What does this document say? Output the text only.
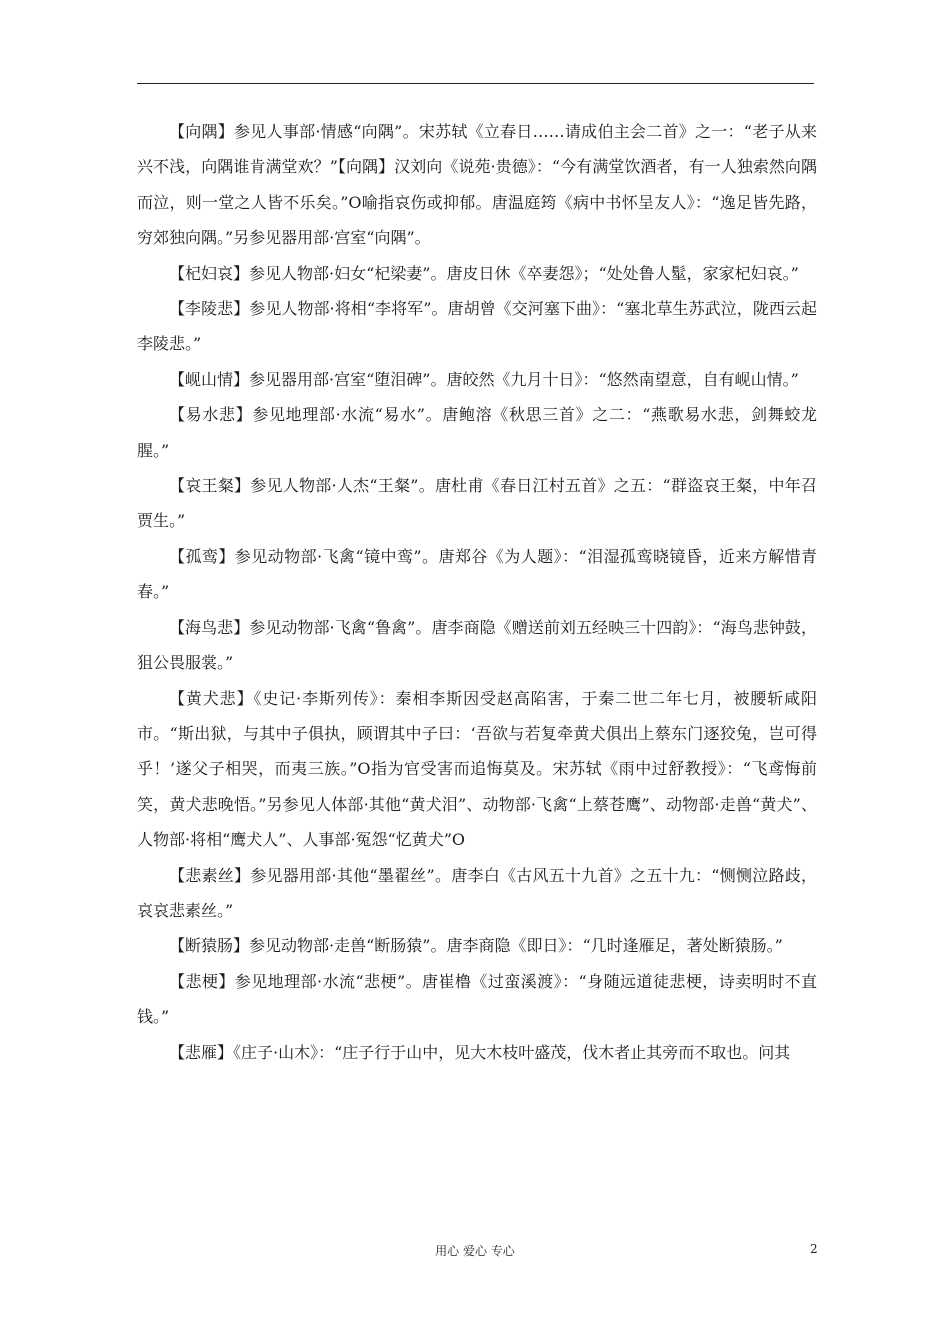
【向隅】参见人事部·情感“向隅”。宋苏轼《立春日……请成伯主会二首》之一：“老子从来兴不浅，向隅谁肯满堂欢？”【向隅】汉刘向《说苑·贵德》：“今有满堂饮酒者，有一人独索然向隅而泣，则一堂之人皆不乐矣。”O喻指哀伤或抑郁。唐温庭筠《病中书怀呈友人》：“逸足皆先路，穷郊独向隅。”另参见器用部·宫室“向隅”。

【杞妇哀】参见人物部·妇女“杞梁妻”。唐皮日休《卒妻怨》；“处处鲁人髽，家家杞妇哀。”

【李陵悲】参见人物部·将相“李将军”。唐胡曾《交河塞下曲》：“塞北草生苏武泣，陇西云起李陵悲。”

【岘山情】参见器用部·宫室“堕泪碑”。唐皎然《九月十日》：“悠然南望意，自有岘山情。”

【易水悲】参见地理部·水流“易水”。唐鲍溶《秋思三首》之二：“燕歌易水悲，剑舞蛟龙腥。”

【哀王粲】参见人物部·人杰“王粲”。唐杜甫《春日江村五首》之五：“群盗哀王粲，中年召贾生。”

【孤鸾】参见动物部·飞禽“镜中鸾”。唐郑谷《为人题》：“泪湿孤鸾晓镜昏，近来方解惜青春。”

【海鸟悲】参见动物部·飞禽“鲁禽”。唐李商隐《赠送前刘五经映三十四韵》：“海鸟悲钟鼓，狙公畏服裳。”

【黄犬悲】《史记·李斯列传》：秦相李斯因受赵高陷害，于秦二世二年七月，被腰斩咸阳市。“斯出狱，与其中子俱执，顾谓其中子曰：‘吾欲与若复牵黄犬俱出上蔡东门逐狡兔，岂可得乎！’遂父子相哭，而夷三族。”O指为官受害而追悔莫及。宋苏轼《雨中过舒教授》：“飞鸢悔前笑，黄犬悲晚悟。”另参见人体部·其他“黄犬泪”、动物部·飞禽“上蔡苍鹰”、动物部·走兽“黄犬”、人物部·将相“鹰犬人”、人事部·冤怨“忆黄犬”O

【悲素丝】参见器用部·其他“墨翟丝”。唐李白《古风五十九首》之五十九：“恻恻泣路歧，哀哀悲素丝。”

【断猿肠】参见动物部·走兽“断肠猿”。唐李商隐《即日》：“几时逢雁足，著处断猿肠。”

【悲梗】参见地理部·水流“悲梗”。唐崔橹《过蛮溪渡》：“身随远道徒悲梗，诗卖明时不直钱。”

【悲雁】《庄子·山木》：“庄子行于山中，见大木枝叶盛茂，伐木者止其旁而不取也。问其

用心 爱心 专心	2
